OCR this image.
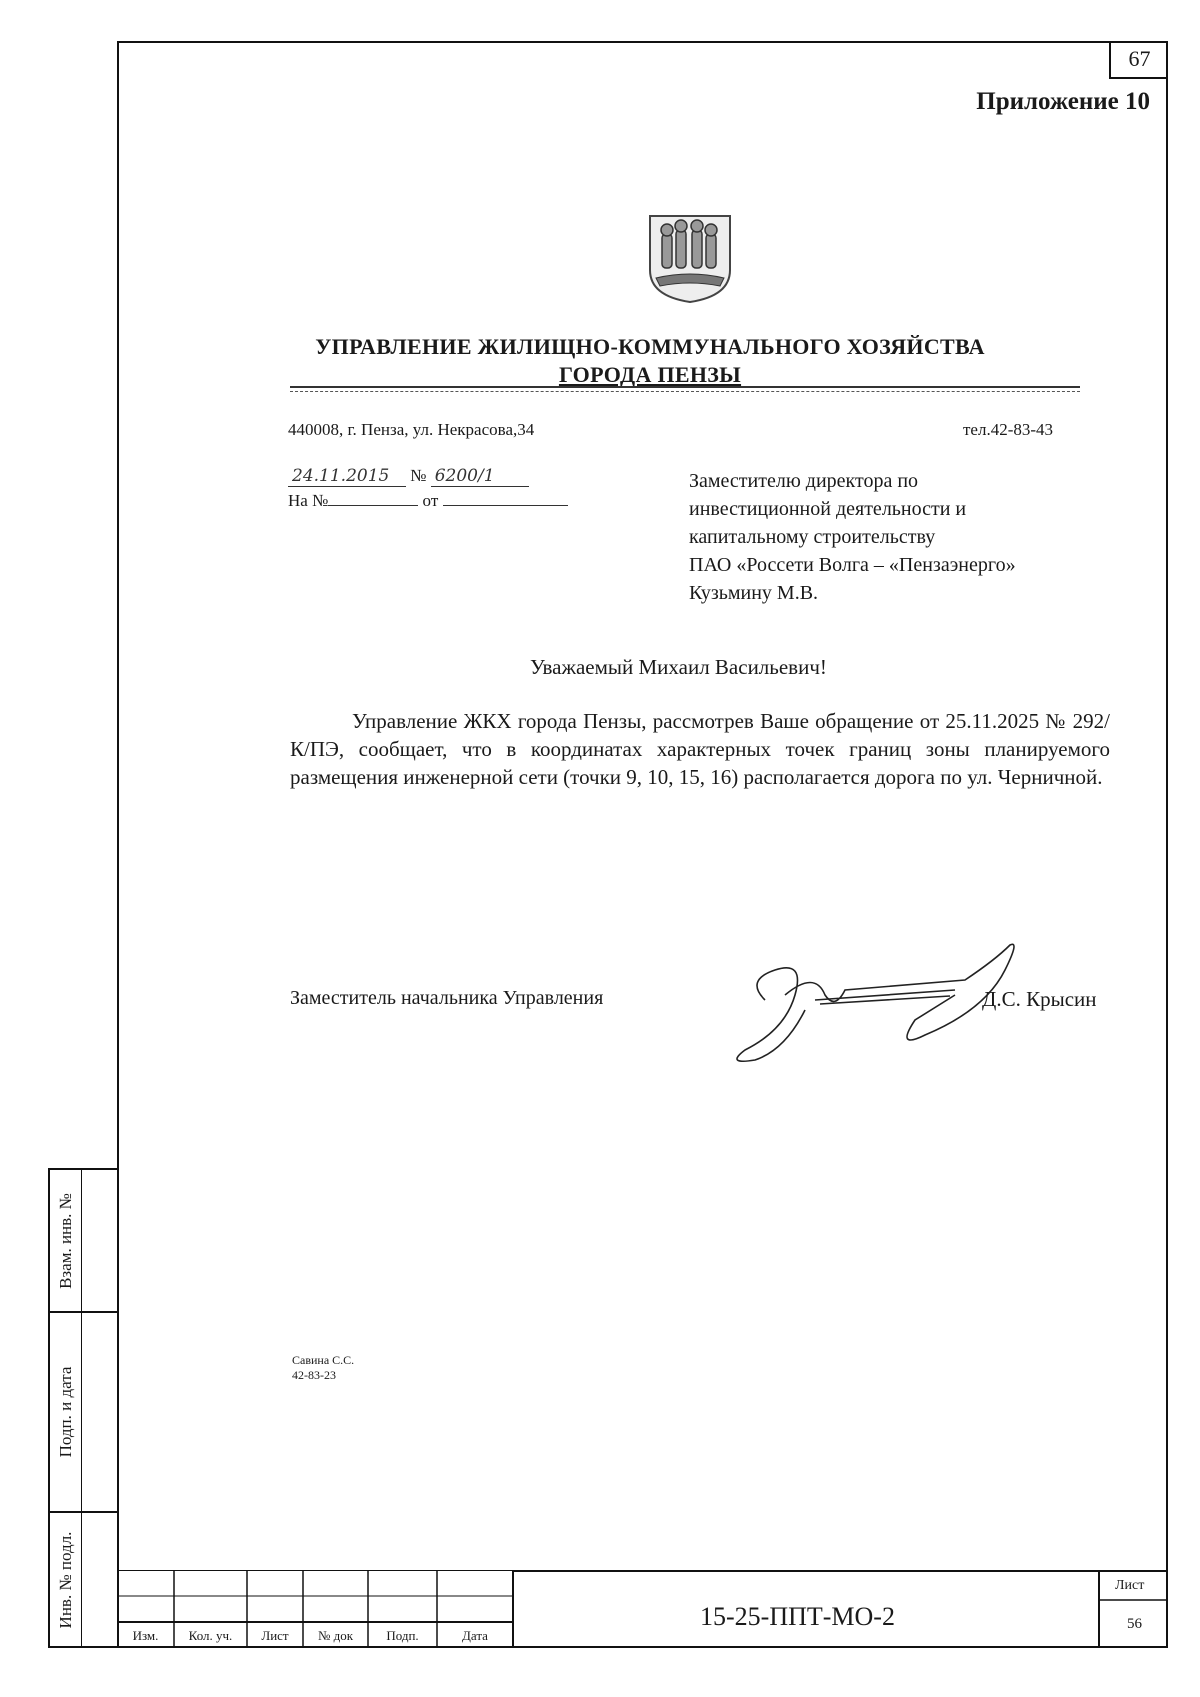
67
Приложение 10
Взам. инв. №
Подп. и дата
Инв. № подл.
УПРАВЛЕНИЕ ЖИЛИЩНО-КОММУНАЛЬНОГО ХОЗЯЙСТВА
ГОРОДА ПЕНЗЫ
440008, г. Пенза, ул. Некрасова,34	тел.42-83-43
24.11.2015 № 6200/1
На №	от
Заместителю директора по
инвестиционной деятельности и
капитальному строительству
ПАО «Россети Волга – «Пензаэнерго»
Кузьмину М.В.
Уважаемый Михаил Васильевич!

Управление ЖКХ города Пензы, рассмотрев Ваше обращение от 25.11.2025 № 292/К/ПЭ, сообщает, что в координатах характерных точек границ зоны планируемого размещения инженерной сети (точки 9, 10, 15, 16) располагается дорога по ул. Черничной.

Заместитель начальника Управления	Д.С. Крысин
Савина С.С.
42-83-23
Изм.	Кол. уч.	Лист	№ док	Подп.	Дата
15-25-ППТ-МО-2
Лист
56
